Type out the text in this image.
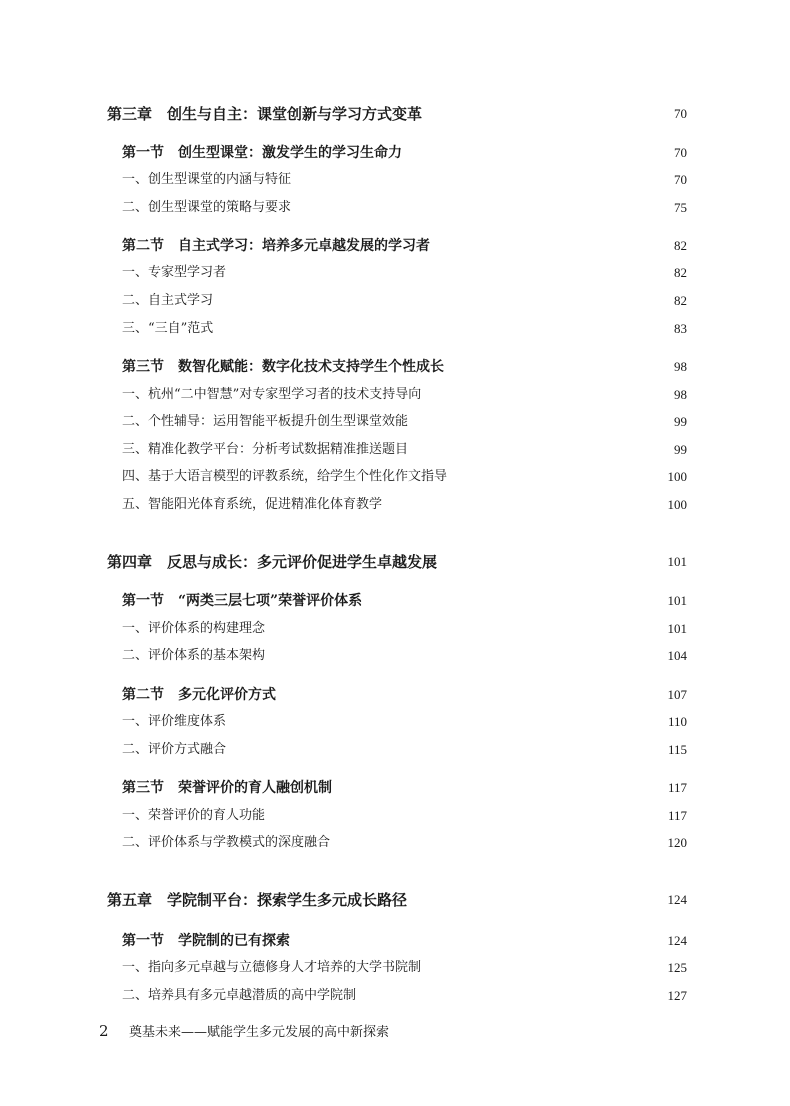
第三章　创生与自主：课堂创新与学习方式变革	70
第一节　创生型课堂：激发学生的学习生命力	70
一、创生型课堂的内涵与特征	70
二、创生型课堂的策略与要求	75
第二节　自主式学习：培养多元卓越发展的学习者	82
一、专家型学习者	82
二、自主式学习	82
三、“三自”范式	83
第三节　数智化赋能：数字化技术支持学生个性成长	98
一、杭州“二中智慧”对专家型学习者的技术支持导向	98
二、个性辅导：运用智能平板提升创生型课堂效能	99
三、精准化教学平台：分析考试数据精准推送题目	99
四、基于大语言模型的评教系统，给学生个性化作文指导	100
五、智能阳光体育系统，促进精准化体育教学	100
第四章　反思与成长：多元评价促进学生卓越发展	101
第一节　“两类三层七项”荣誉评价体系	101
一、评价体系的构建理念	101
二、评价体系的基本架构	104
第二节　多元化评价方式	107
一、评价维度体系	110
二、评价方式融合	115
第三节　荣誉评价的育人融创机制	117
一、荣誉评价的育人功能	117
二、评价体系与学教模式的深度融合	120
第五章　学院制平台：探索学生多元成长路径	124
第一节　学院制的已有探索	124
一、指向多元卓越与立德修身人才培养的大学书院制	125
二、培养具有多元卓越潜质的高中学院制	127
2 奠基未来——赋能学生多元发展的高中新探索
